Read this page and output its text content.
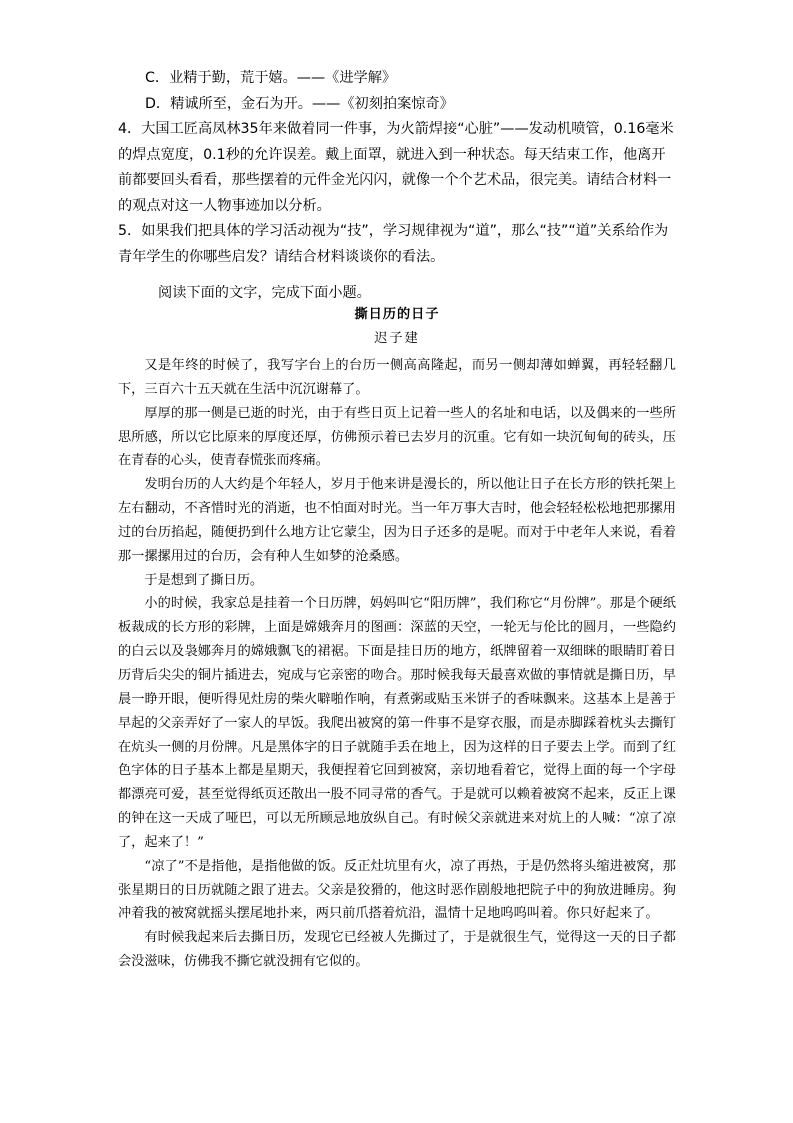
C．业精于勤，荒于嬉。——《进学解》

D．精诚所至，金石为开。——《初刻拍案惊奇》

4．大国工匠高凤林35年来做着同一件事，为火箭焊接“心脏”——发动机喷管，0.16毫米的焊点宽度，0.1秒的允许误差。戴上面罩，就进入到一种状态。每天结束工作，他离开前都要回头看看，那些摆着的元件金光闪闪，就像一个个艺术品，很完美。请结合材料一的观点对这一人物事迹加以分析。

5．如果我们把具体的学习活动视为“技”，学习规律视为“道”，那么“技”“道”关系给作为青年学生的你哪些启发？请结合材料谈谈你的看法。

阅读下面的文字，完成下面小题。

撕日历的日子

迟子建

又是年终的时候了，我写字台上的台历一侧高高隆起，而另一侧却薄如蝉翼，再轻轻翻几下，三百六十五天就在生活中沉沉谢幕了。

厚厚的那一侧是已逝的时光，由于有些日页上记着一些人的名址和电话，以及偶来的一些所思所感，所以它比原来的厚度还厚，仿佛预示着已去岁月的沉重。它有如一块沉甸甸的砖头，压在青春的心头，使青春慌张而疼痛。

发明台历的人大约是个年轻人，岁月于他来讲是漫长的，所以他让日子在长方形的铁托架上左右翻动，不吝惜时光的消逝，也不怕面对时光。当一年万事大吉时，他会轻轻松松地把那摞用过的台历掐起，随便扔到什么地方让它蒙尘，因为日子还多的是呢。而对于中老年人来说，看着那一摞摞用过的台历，会有种人生如梦的沧桑感。

于是想到了撕日历。

小的时候，我家总是挂着一个日历牌，妈妈叫它“阳历牌”，我们称它“月份牌”。那是个硬纸板裁成的长方形的彩牌，上面是嫦娥奔月的图画：深蓝的天空，一轮无与伦比的圆月，一些隐约的白云以及袅娜奔月的嫦娥飘飞的裙裾。下面是挂日历的地方，纸牌留着一双细眯的眼睛盯着日历背后尖尖的铜片插进去，宛成与它亲密的吻合。那时候我每天最喜欢做的事情就是撕日历，早晨一睁开眼，便听得见灶房的柴火噼啪作响，有煮粥或贴玉米饼子的香味飘来。这基本上是善于早起的父亲弄好了一家人的早饭。我爬出被窝的第一件事不是穿衣服，而是赤脚踩着枕头去撕钉在炕头一侧的月份牌。凡是黑体字的日子就随手丢在地上，因为这样的日子要去上学。而到了红色字体的日子基本上都是星期天，我便捏着它回到被窝，亲切地看着它，觉得上面的每一个字母都漂亮可爱，甚至觉得纸页还散出一股不同寻常的香气。于是就可以赖着被窝不起来，反正上课的钟在这一天成了哑巴，可以无所顾忌地放纵自己。有时候父亲就进来对炕上的人喊：“凉了凉了，起来了！”

“凉了”不是指他，是指他做的饭。反正灶坑里有火，凉了再热，于是仍然将头缩进被窝，那张星期日的日历就随之跟了进去。父亲是狡猾的，他这时恶作剧般地把院子中的狗放进睡房。狗冲着我的被窝就摇头摆尾地扑来，两只前爪搭着炕沿，温情十足地呜呜叫着。你只好起来了。

有时候我起来后去撕日历，发现它已经被人先撕过了，于是就很生气，觉得这一天的日子都会没滋味，仿佛我不撕它就没拥有它似的。
